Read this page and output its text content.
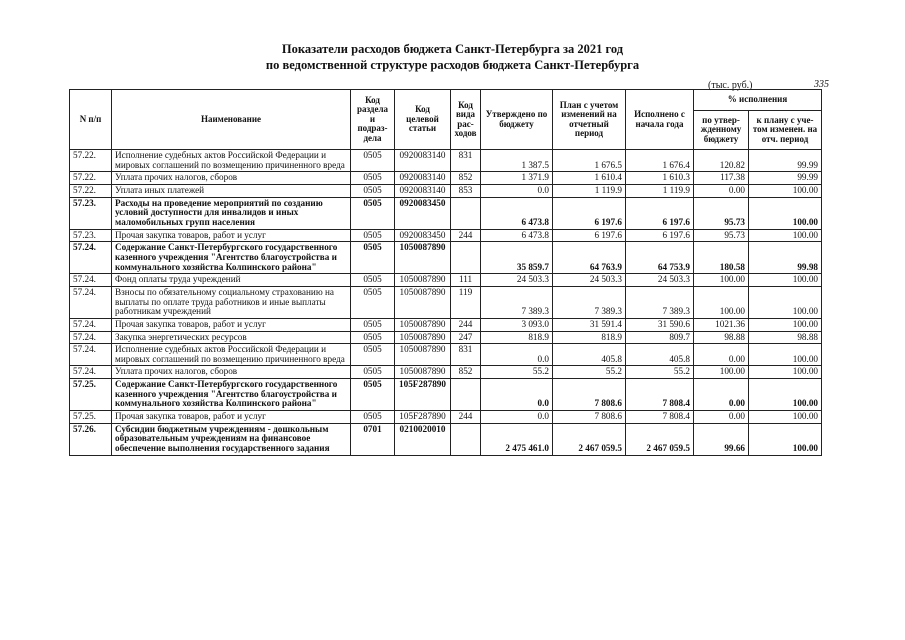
Показатели расходов бюджета Санкт-Петербурга за 2021 год
по ведомственной структуре расходов бюджета Санкт-Петербурга
(тыс. руб.)	335
N п/п	Наименование	Код раздела и подраз-дела	Код целевой статьи	Код вида рас-ходов	Утверждено по бюджету	План с учетом изменений на отчетный период	Исполнено с начала года	% исполнения	
								по утвер-жденному бюджету	к плану с уче-том изменен. на отч. период
57.22.	Исполнение судебных актов Российской Федерации и мировых соглашений по возмещению причиненного вреда	0505	0920083140	831	1 387.5	1 676.5	1 676.4	120.82	99.99
57.22.	Уплата прочих налогов, сборов	0505	0920083140	852	1 371.9	1 610.4	1 610.3	117.38	99.99
57.22.	Уплата иных платежей	0505	0920083140	853	0.0	1 119.9	1 119.9	0.00	100.00
57.23.	Расходы на проведение мероприятий по созданию условий доступности для инвалидов и иных маломобильных групп населения	0505	0920083450		6 473.8	6 197.6	6 197.6	95.73	100.00
57.23.	Прочая закупка товаров, работ и услуг	0505	0920083450	244	6 473.8	6 197.6	6 197.6	95.73	100.00
57.24.	Содержание Санкт-Петербургского государственного казенного учреждения "Агентство благоустройства и коммунального хозяйства Колпинского района"	0505	1050087890		35 859.7	64 763.9	64 753.9	180.58	99.98
57.24.	Фонд оплаты труда учреждений	0505	1050087890	111	24 503.3	24 503.3	24 503.3	100.00	100.00
57.24.	Взносы по обязательному социальному страхованию на выплаты по оплате труда работников и иные выплаты работникам учреждений	0505	1050087890	119	7 389.3	7 389.3	7 389.3	100.00	100.00
57.24.	Прочая закупка товаров, работ и услуг	0505	1050087890	244	3 093.0	31 591.4	31 590.6	1021.36	100.00
57.24.	Закупка энергетических ресурсов	0505	1050087890	247	818.9	818.9	809.7	98.88	98.88
57.24.	Исполнение судебных актов Российской Федерации и мировых соглашений по возмещению причиненного вреда	0505	1050087890	831	0.0	405.8	405.8	0.00	100.00
57.24.	Уплата прочих налогов, сборов	0505	1050087890	852	55.2	55.2	55.2	100.00	100.00
57.25.	Содержание Санкт-Петербургского государственного казенного учреждения "Агентство благоустройства и коммунального хозяйства Колпинского района"	0505	105F287890		0.0	7 808.6	7 808.4	0.00	100.00
57.25.	Прочая закупка товаров, работ и услуг	0505	105F287890	244	0.0	7 808.6	7 808.4	0.00	100.00
57.26.	Субсидии бюджетным учреждениям - дошкольным образовательным учреждениям на финансовое обеспечение выполнения государственного задания	0701	0210020010		2 475 461.0	2 467 059.5	2 467 059.5	99.66	100.00
